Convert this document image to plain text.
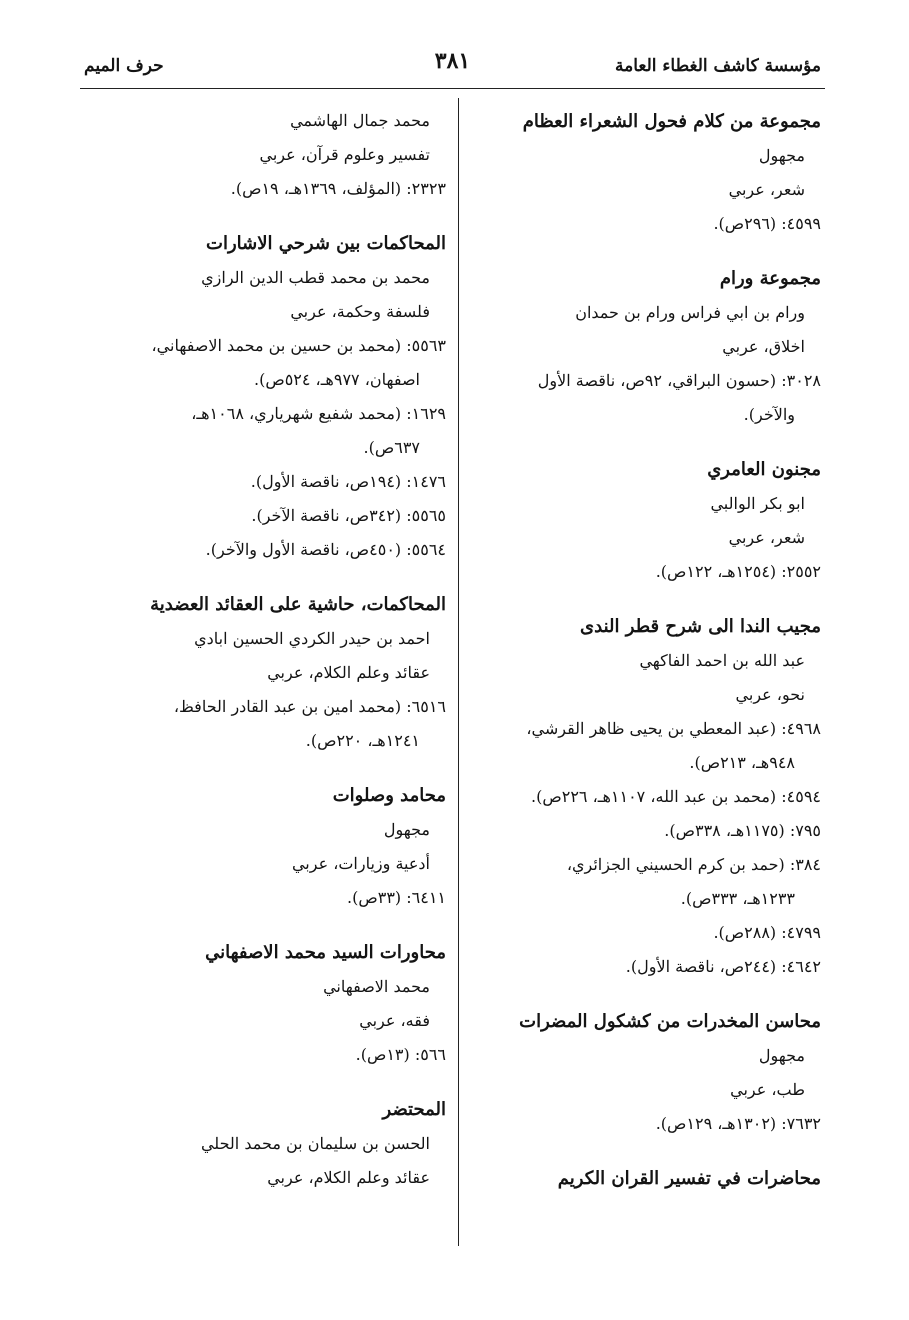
مؤسسة كاشف الغطاء العامة
٣٨١
حرف الميم
مجموعة من كلام فحول الشعراء العظام
مجهول
شعر، عربي
٤٥٩٩: (٢٩٦ص).
مجموعة ورام
ورام بن ابي فراس ورام بن حمدان
اخلاق، عربي
٣٠٢٨: (حسون البراقي، ٩٢ص، ناقصة الأول
والآخر).
مجنون العامري
ابو بكر الوالبي
شعر، عربي
٢٥٥٢: (١٢٥٤هـ، ١٢٢ص).
مجيب الندا الى شرح قطر الندى
عبد الله بن احمد الفاكهي
نحو، عربي
٤٩٦٨: (عبد المعطي بن يحيى ظاهر القرشي،
٩٤٨هـ، ٢١٣ص).
٤٥٩٤: (محمد بن عبد الله، ١١٠٧هـ، ٢٢٦ص).
٧٩٥: (١١٧٥هـ، ٣٣٨ص).
٣٨٤: (حمد بن كرم الحسيني الجزائري،
١٢٣٣هـ، ٣٣٣ص).
٤٧٩٩: (٢٨٨ص).
٤٦٤٢: (٢٤٤ص، ناقصة الأول).
محاسن المخدرات من كشكول المضرات
مجهول
طب، عربي
٧٦٣٢: (١٣٠٢هـ، ١٢٩ص).
محاضرات في تفسير القران الكريم
محمد جمال الهاشمي
تفسير وعلوم قرآن، عربي
٢٣٢٣: (المؤلف، ١٣٦٩هـ، ١٩ص).
المحاكمات بين شرحي الاشارات
محمد بن محمد قطب الدين الرازي
فلسفة وحكمة، عربي
٥٥٦٣: (محمد بن حسين بن محمد الاصفهاني،
اصفهان، ٩٧٧هـ، ٥٢٤ص).
١٦٢٩: (محمد شفيع شهرياري، ١٠٦٨هـ،
٦٣٧ص).
١٤٧٦: (١٩٤ص، ناقصة الأول).
٥٥٦٥: (٣٤٢ص، ناقصة الآخر).
٥٥٦٤: (٤٥٠ص، ناقصة الأول والآخر).
المحاكمات، حاشية على العقائد العضدية
احمد بن حيدر الكردي الحسين ابادي
عقائد وعلم الكلام، عربي
٦٥١٦: (محمد امين بن عبد القادر الحافظ،
١٢٤١هـ، ٢٢٠ص).
محامد وصلوات
مجهول
أدعية وزيارات، عربي
٦٤١١: (٣٣ص).
محاورات السيد محمد الاصفهاني
محمد الاصفهاني
فقه، عربي
٥٦٦: (١٣ص).
المحتضر
الحسن بن سليمان بن محمد الحلي
عقائد وعلم الكلام، عربي
